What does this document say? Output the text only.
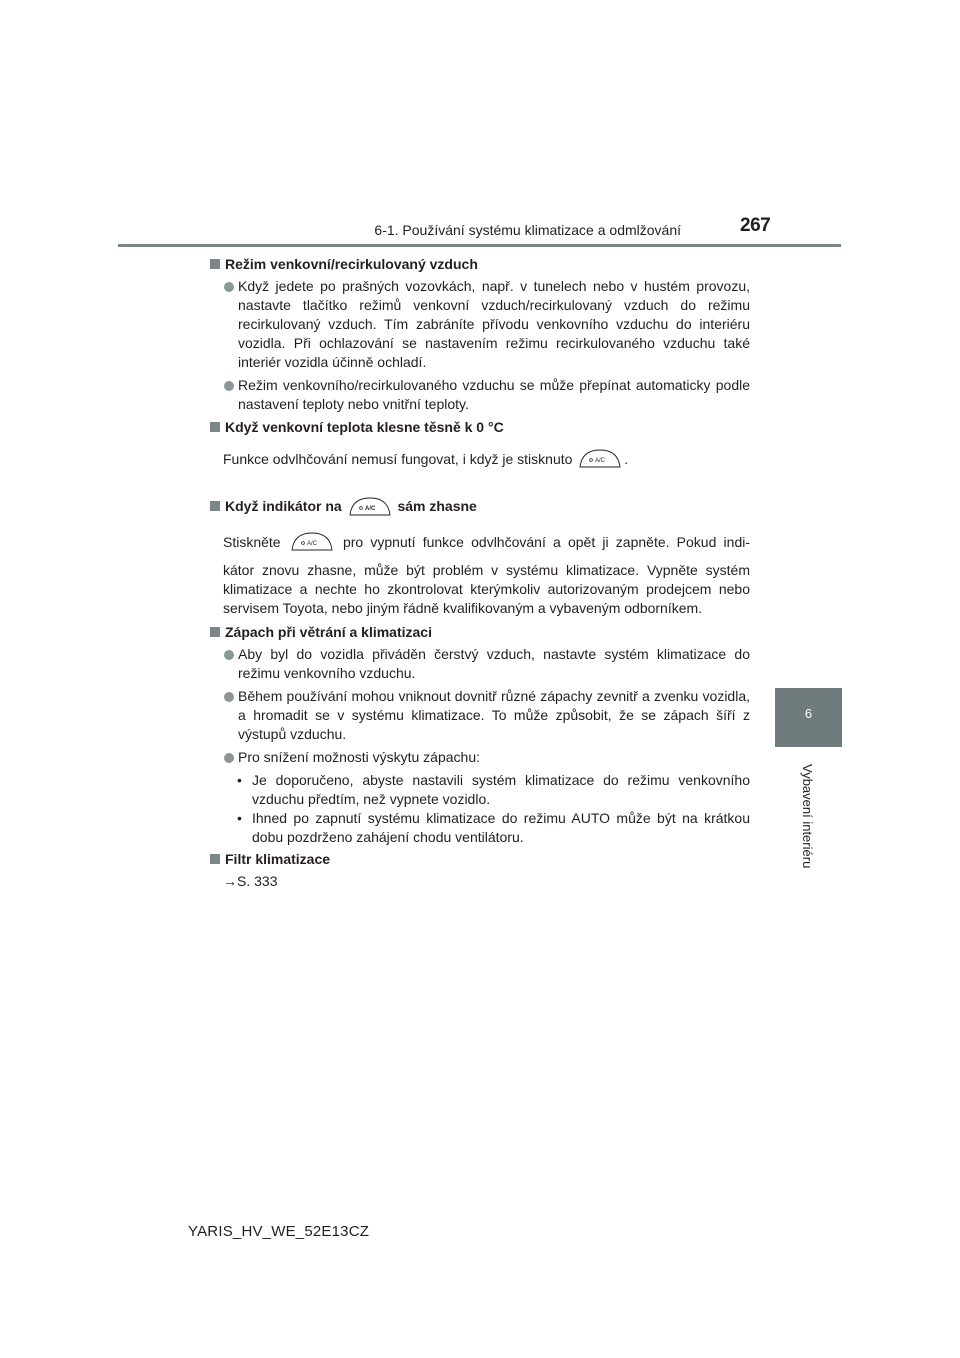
6-1. Používání systému klimatizace a odmlžování	267
6
Vybavení interiéru

Režim venkovní/recirkulovaný vzduch

Když jedete po prašných vozovkách, např. v tunelech nebo v hustém provozu, nastavte tlačítko režimů venkovní vzduch/recirkulovaný vzduch do režimu recirkulovaný vzduch. Tím zabráníte přívodu venkovního vzduchu do interiéru vozidla. Při ochlazování se nastavením režimu recirkulovaného vzduchu také interiér vozidla účinně ochladí.

Režim venkovního/recirkulovaného vzduchu se může přepínat automaticky podle nastavení teploty nebo vnitřní teploty.

Když venkovní teplota klesne těsně k 0 °C

Funkce odvlhčování nemusí fungovat, i když je stisknuto	A/C .

Když indikátor na	A/C sám zhasne

Stiskněte	A/C pro vypnutí funkce odvlhčování a opět ji zapněte. Pokud indi-

kátor znovu zhasne, může být problém v systému klimatizace. Vypněte systém klimatizace a nechte ho zkontrolovat kterýmkoliv autorizovaným prodejcem nebo servisem Toyota, nebo jiným řádně kvalifikovaným a vybaveným odborníkem.

Zápach při větrání a klimatizaci

Aby byl do vozidla přiváděn čerstvý vzduch, nastavte systém klimatizace do režimu venkovního vzduchu.

Během používání mohou vniknout dovnitř různé zápachy zevnitř a zvenku vozidla, a hromadit se v systému klimatizace. To může způsobit, že se zápach šíří z výstupů vzduchu.

Pro snížení možnosti výskytu zápachu:

• Je doporučeno, abyste nastavili systém klimatizace do režimu venkovního vzduchu předtím, než vypnete vozidlo.

• Ihned po zapnutí systému klimatizace do režimu AUTO může být na krátkou dobu pozdrženo zahájení chodu ventilátoru.

Filtr klimatizace

→S. 333

YARIS_HV_WE_52E13CZ
